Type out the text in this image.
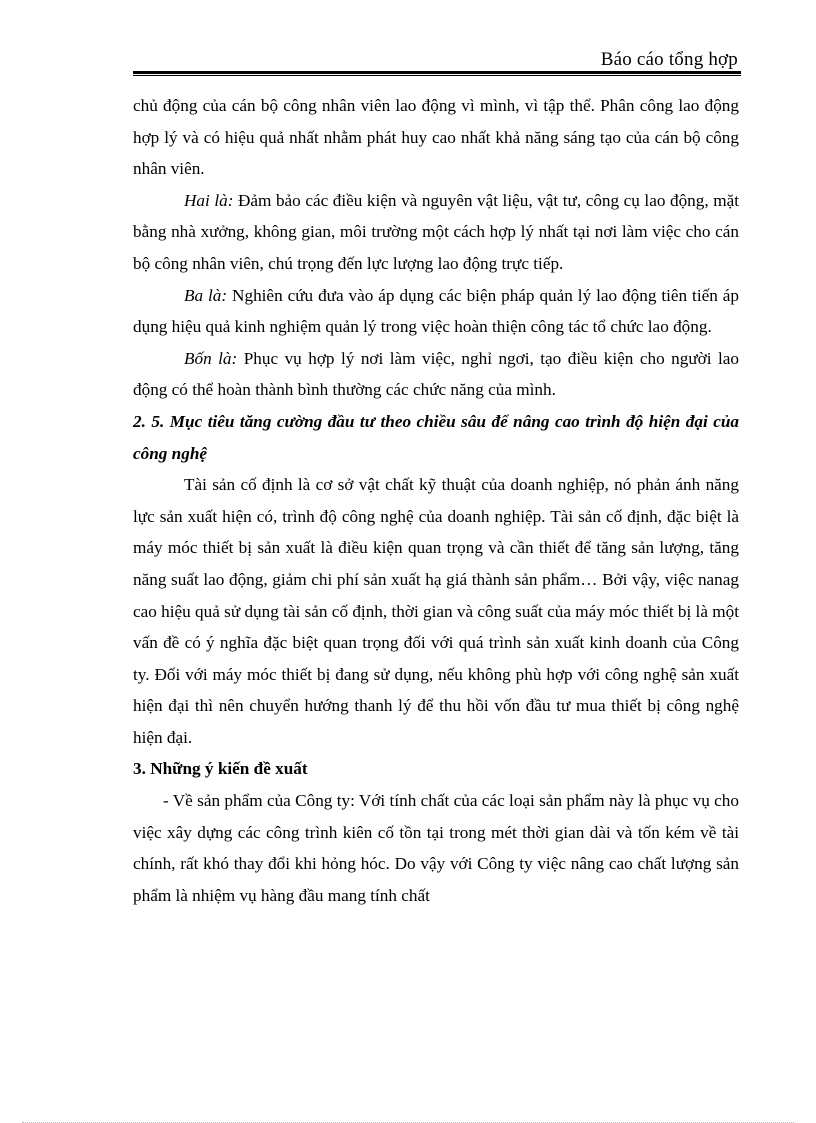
Báo cáo tổng hợp

chủ động của cán bộ công nhân viên lao động vì mình, vì tập thể. Phân công lao động hợp lý và có hiệu quả nhất nhằm phát huy cao nhất khả năng sáng tạo của cán bộ công nhân viên.

Hai là: Đảm bảo các điều kiện và nguyên vật liệu, vật tư, công cụ lao động, mặt bằng nhà xưởng, không gian, môi trường một cách hợp lý nhất tại nơi làm việc cho cán bộ công nhân viên, chú trọng đến lực lượng lao động trực tiếp.

Ba là: Nghiên cứu đưa vào áp dụng các biện pháp quản lý lao động tiên tiến áp dụng hiệu quả kinh nghiệm quản lý trong việc hoàn thiện công tác tổ chức lao động.

Bốn là: Phục vụ hợp lý nơi làm việc, nghỉ ngơi, tạo điều kiện cho người lao động có thể hoàn thành bình thường các chức năng của mình.

2. 5. Mục tiêu tăng cường đầu tư theo chiều sâu để nâng cao trình độ hiện đại của công nghệ

Tài sản cố định là cơ sở vật chất kỹ thuật của doanh nghiệp, nó phản ánh năng lực sản xuất hiện có, trình độ công nghệ của doanh nghiệp. Tài sản cố định, đặc biệt là máy móc thiết bị sản xuất là điều kiện quan trọng và cần thiết để tăng sản lượng, tăng năng suất lao động, giảm chi phí sản xuất hạ giá thành sản phẩm… Bởi vậy, việc nanag cao hiệu quả sử dụng tài sản cố định, thời gian và công suất của máy móc thiết bị là một vấn đề có ý nghĩa đặc biệt quan trọng đối với quá trình sản xuất kinh doanh của Công ty. Đối với máy móc thiết bị đang sử dụng, nếu không phù hợp với công nghệ sản xuất hiện đại thì nên chuyển hướng thanh lý để thu hồi vốn đầu tư mua thiết bị công nghệ hiện đại.

3. Những ý kiến đề xuất

- Về sản phẩm của Công ty: Với tính chất của các loại sản phẩm này là phục vụ cho việc xây dựng các công trình kiên cố tồn tại trong mét thời gian dài và tốn kém về tài chính, rất khó thay đổi khi hỏng hóc. Do vậy với Công ty việc nâng cao chất lượng sản phẩm là nhiệm vụ hàng đầu mang tính chất
